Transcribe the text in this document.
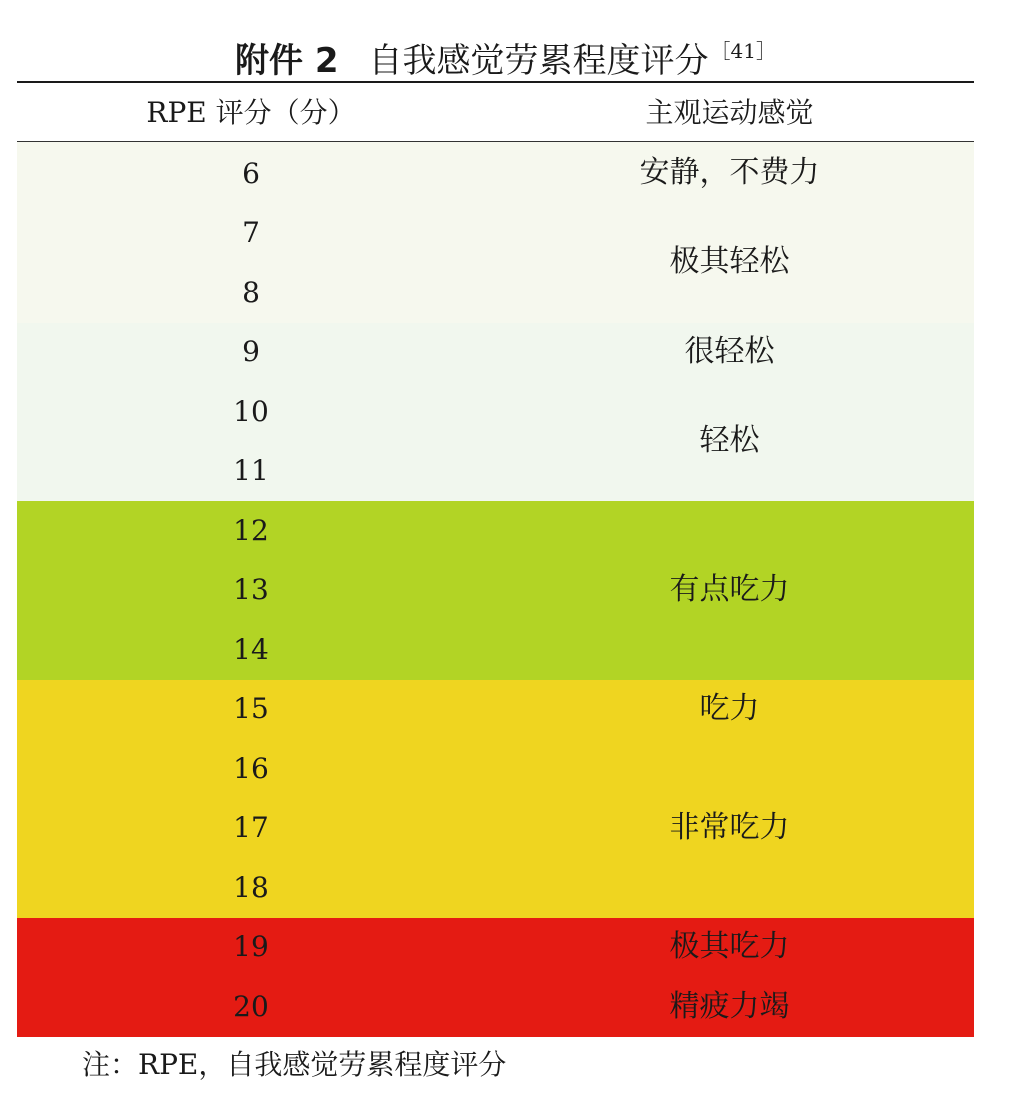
附件 2 自我感觉劳累程度评分 $^{[41]}$
RPE 评分（分）	主观运动感觉
6
7
8
9
10
11
12
13
14
15
16
17
18
19
20
安静，不费力
极其轻松
很轻松
轻松
有点吃力
吃力
非常吃力
极其吃力
精疲力竭
注：RPE，自我感觉劳累程度评分
